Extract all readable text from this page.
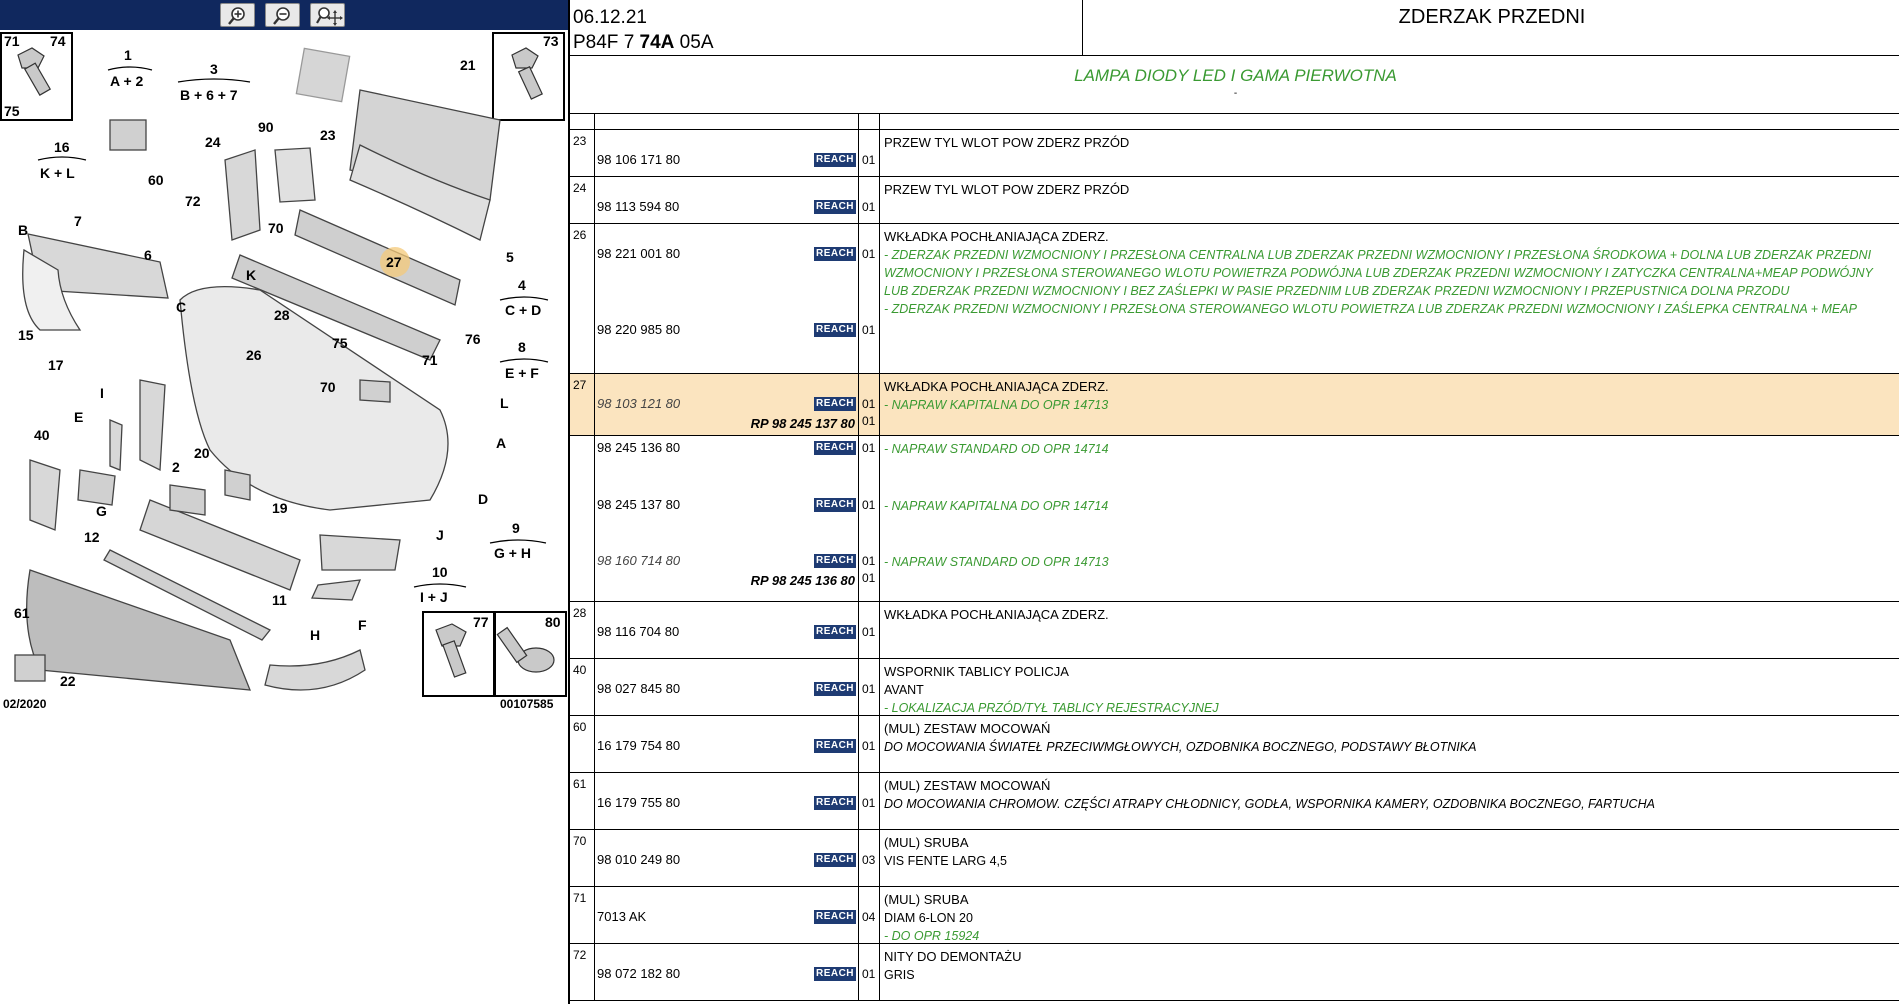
71 74
75
73
77	80
1
A + 2
3
B + 6 + 7
90
21
16
K + L	60
24	23
72
B
7
6
70
5
27
4
C + D
C
K
28
76
15
17
26
75
71
8
E + F
I
E
70
L
40
2
20
A
G	19
12
D
J	9
G + H
10
I + J
11
61
22
H
F
02/2020	00107585
06.12.21
P84F 7 74A 05A
ZDERZAK PRZEDNI
LAMPA DIODY LED I GAMA PIERWOTNA
-
23	PRZEW TYL WLOT POW ZDERZ PRZÓD
98 106 171 80	REACH 01
24	PRZEW TYL WLOT POW ZDERZ PRZÓD
98 113 594 80	REACH 01
26	WKŁADKA POCHŁANIAJĄCA ZDERZ.
- ZDERZAK PRZEDNI WZMOCNIONY I PRZESŁONA CENTRALNA LUB ZDERZAK PRZEDNI WZMOCNIONY I PRZESŁONA ŚRODKOWA + DOLNA LUB ZDERZAK PRZEDNI WZMOCNIONY I PRZESŁONA STEROWANEGO WLOTU POWIETRZA PODWÓJNA LUB ZDERZAK PRZEDNI WZMOCNIONY I ZATYCZKA CENTRALNA+MEAP PODWÓJNY LUB ZDERZAK PRZEDNI WZMOCNIONY I BEZ ZAŚLEPKI W PASIE PRZEDNIM LUB ZDERZAK PRZEDNI WZMOCNIONY I PRZEPUSTNICA DOLNA PRZODU
- ZDERZAK PRZEDNI WZMOCNIONY I PRZESŁONA STEROWANEGO WLOTU POWIETRZA LUB ZDERZAK PRZEDNI WZMOCNIONY I ZAŚLEPKA CENTRALNA + MEAP
98 221 001 80	REACH 01
98 220 985 80	REACH 01
27	WKŁADKA POCHŁANIAJĄCA ZDERZ.
- NAPRAW KAPITALNA DO OPR 14713
98 103 121 80	REACH 01
RP 98 245 137 80 01
98 245 136 80	REACH 01 - NAPRAW STANDARD OD OPR 14714
98 245 137 80	REACH 01 - NAPRAW KAPITALNA DO OPR 14714
98 160 714 80	REACH 01 - NAPRAW STANDARD OD OPR 14713
RP 98 245 136 80 01
28	WKŁADKA POCHŁANIAJĄCA ZDERZ.
98 116 704 80	REACH 01
40	WSPORNIK TABLICY POLICJA
AVANT
- LOKALIZACJA PRZÓD/TYŁ TABLICY REJESTRACYJNEJ
98 027 845 80	REACH 01
60	(MUL) ZESTAW MOCOWAŃ
DO MOCOWANIA ŚWIATEŁ PRZECIWMGŁOWYCH, OZDOBNIKA BOCZNEGO, PODSTAWY BŁOTNIKA
16 179 754 80	REACH 01
61	(MUL) ZESTAW MOCOWAŃ
DO MOCOWANIA CHROMOW. CZĘŚCI ATRAPY CHŁODNICY, GODŁA, WSPORNIKA KAMERY, OZDOBNIKA BOCZNEGO, FARTUCHA
16 179 755 80	REACH 01
70	(MUL) SRUBA
VIS FENTE LARG 4,5
98 010 249 80	REACH 03
71	(MUL) SRUBA
DIAM 6-LON 20
- DO OPR 15924
7013 AK	REACH 04
72	NITY DO DEMONTAŻU
GRIS
98 072 182 80	REACH 01
